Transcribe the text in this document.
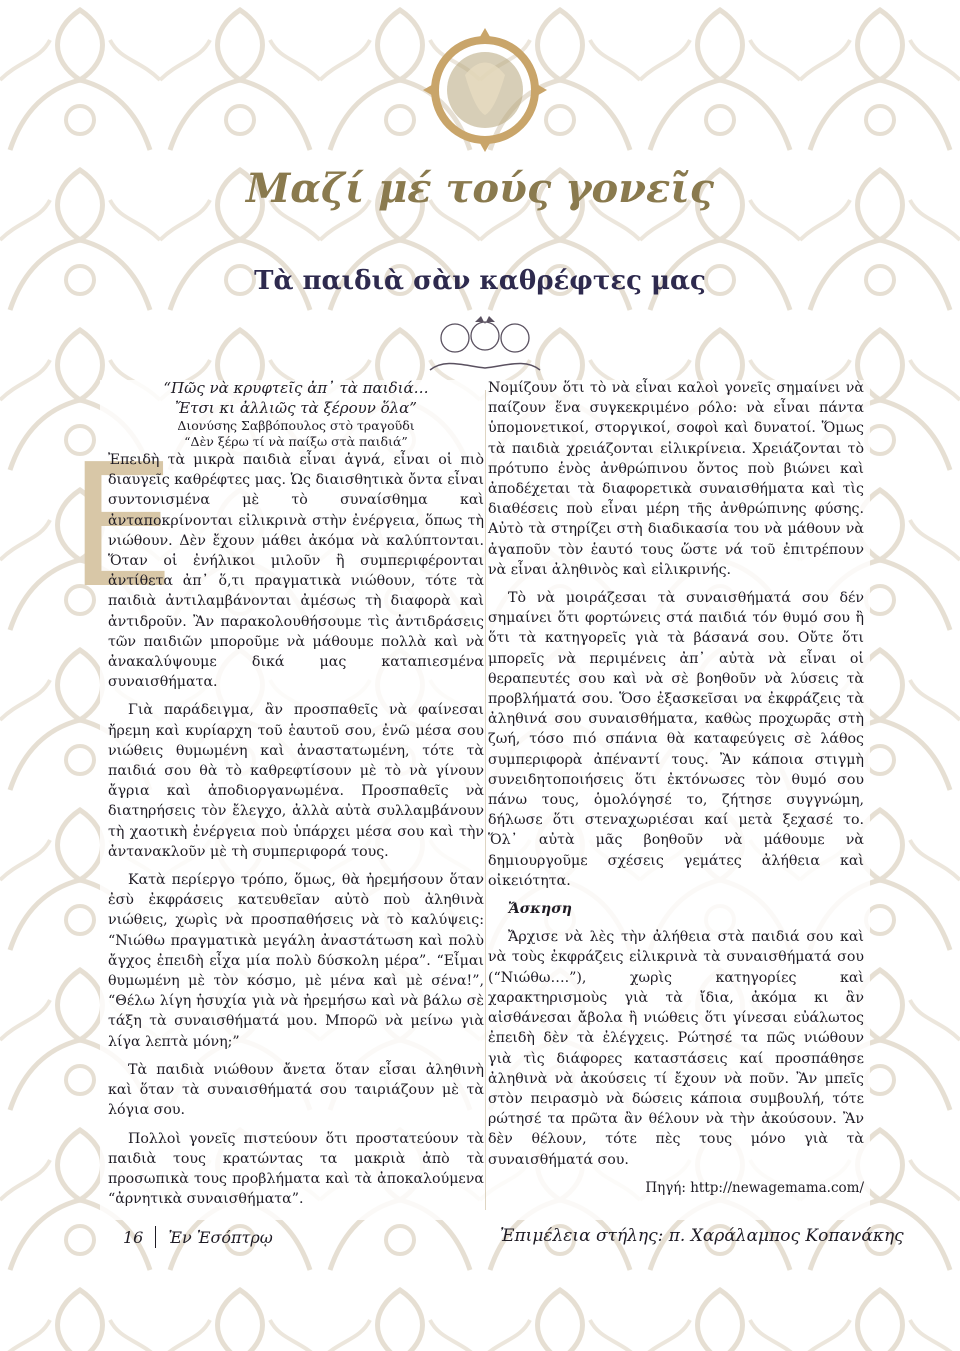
Μαζί μέ τούς γονεῖς
Τὰ παιδιὰ σὰν καθρέφτες μας
“Πῶς νὰ κρυφτεῖς ἀπ᾽ τὰ παιδιά…
Ἔτσι κι ἀλλιῶς τὰ ξέρουν ὅλα”
Διονύσης Σαββόπουλος στὸ τραγοῦδι
“Δὲν ξέρω τί νὰ παίξω στὰ παιδιά”
Ε

Ἐπειδὴ τὰ μικρὰ παιδιὰ εἶναι ἁγνά, εἶναι οἱ πιὸ διαυγεῖς καθρέφτες μας. Ὡς διαισθητικὰ ὄντα εἶναι συντονισμένα μὲ τὸ συναίσθημα καὶ ἀνταποκρίνονται εἰλικρινὰ στὴν ἐνέργεια, ὅπως τὴ νιώθουν. Δὲν ἔχουν μάθει ἀκόμα νὰ καλύπτονται. Ὅταν οἱ ἐνήλικοι μιλοῦν ἢ συμπεριφέρονται ἀντίθετα ἀπ᾽ ὅ,τι πραγματικὰ νιώθουν, τότε τὰ παιδιὰ ἀντιλαμβάνονται ἀμέσως τὴ διαφορὰ καὶ ἀντιδροῦν. Ἂν παρακολουθήσουμε τὶς ἀντιδράσεις τῶν παιδιῶν μποροῦμε νὰ μάθουμε πολλὰ καὶ νὰ ἀνακαλύψουμε δικά μας καταπιεσμένα συναισθήματα.

Γιὰ παράδειγμα, ἂν προσπαθεῖς νὰ φαίνεσαι ἤρεμη καὶ κυρίαρχη τοῦ ἑαυτοῦ σου, ἐνῶ μέσα σου νιώθεις θυμωμένη καὶ ἀναστατωμένη, τότε τὰ παιδιά σου θὰ τὸ καθρεφτίσουν μὲ τὸ νὰ γίνουν ἄγρια καὶ ἀποδιοργανωμένα. Προσπαθεῖς νὰ διατηρήσεις τὸν ἔλεγχο, ἀλλὰ αὐτὰ συλλαμβάνουν τὴ χαοτικὴ ἐνέργεια ποὺ ὑπάρχει μέσα σου καὶ τὴν ἀντανακλοῦν μὲ τὴ συμπεριφορά τους.

Κατὰ περίεργο τρόπο, ὅμως, θὰ ἠρεμήσουν ὅταν ἐσὺ ἐκφράσεις κατευθεῖαν αὐτὸ ποὺ ἀληθινὰ νιώθεις, χωρὶς νὰ προσπαθήσεις νὰ τὸ καλύψεις: “Νιώθω πραγματικὰ μεγάλη ἀναστάτωση καὶ πολὺ ἄγχος ἐπειδὴ εἶχα μία πολὺ δύσκολη μέρα”. “Εἶμαι θυμωμένη μὲ τὸν κόσμο, μὲ μένα καὶ μὲ σένα!”, “Θέλω λίγη ἡσυχία γιὰ νὰ ἠρεμήσω καὶ νὰ βάλω σὲ τάξη τὰ συναισθήματά μου. Μπορῶ νὰ μείνω γιὰ λίγα λεπτὰ μόνη;”

Τὰ παιδιὰ νιώθουν ἄνετα ὅταν εἶσαι ἀληθινὴ καὶ ὅταν τὰ συναισθήματά σου ταιριάζουν μὲ τὰ λόγια σου.

Πολλοὶ γονεῖς πιστεύουν ὅτι προστατεύουν τὰ παιδιὰ τους κρατώντας τα μακριὰ ἀπὸ τὰ προσωπικὰ τους προβλήματα καὶ τὰ ἀποκαλούμενα “ἀρνητικὰ συναισθήματα”.

Νομίζουν ὅτι τὸ νὰ εἶναι καλοὶ γονεῖς σημαίνει νὰ παίζουν ἕνα συγκεκριμένο ρόλο: νὰ εἶναι πάντα ὑπομονετικοί, στοργικοί, σοφοὶ καὶ δυνατοί. Ὅμως τὰ παιδιὰ χρειάζονται εἰλικρίνεια. Χρειάζονται τὸ πρότυπο ἑνὸς ἀνθρώπινου ὄντος ποὺ βιώνει καὶ ἀποδέχεται τὰ διαφορετικὰ συναισθήματα καὶ τὶς διαθέσεις ποὺ εἶναι μέρη τῆς ἀνθρώπινης φύσης. Αὐτὸ τὰ στηρίζει στὴ διαδικασία του νὰ μάθουν νὰ ἀγαποῦν τὸν ἑαυτό τους ὥστε νά τοῦ ἐπιτρέπουν νὰ εἶναι ἀληθινὸς καὶ εἰλικρινής.

Τὸ νὰ μοιράζεσαι τὰ συναισθήματά σου δέν σημαίνει ὅτι φορτώνεις στά παιδιά τόν θυμό σου ἢ ὅτι τὰ κατηγορεῖς γιὰ τὰ βάσανά σου. Οὔτε ὅτι μπορεῖς νὰ περιμένεις ἀπ᾽ αὐτὰ νὰ εἶναι οἱ θεραπευτές σου καὶ νὰ σὲ βοηθοῦν νὰ λύσεις τὰ προβλήματά σου. Ὅσο ἐξασκεῖσαι να ἐκφράζεις τὰ ἀληθινά σου συναισθήματα, καθὼς προχωρᾶς στὴ ζωή, τόσο πιό σπάνια θὰ καταφεύγεις σὲ λάθος συμπεριφορὰ ἀπέναντί τους. Ἂν κάποια στιγμὴ συνειδητοποιήσεις ὅτι ἐκτόνωσες τὸν θυμό σου πάνω τους, ὁμολόγησέ το, ζήτησε συγγνώμη, δήλωσε ὅτι στεναχωριέσαι καί μετὰ ξεχασέ το. Ὅλ᾽ αὐτὰ μᾶς βοηθοῦν νὰ μάθουμε νὰ δημιουργοῦμε σχέσεις γεμάτες ἀλήθεια καὶ οἰκειότητα.

Ἄσκηση

Ἄρχισε νὰ λὲς τὴν ἀλήθεια στὰ παιδιά σου καὶ νὰ τοὺς ἐκφράζεις εἰλικρινὰ τὰ συναισθήματά σου (“Νιώθω….”), χωρὶς κατηγορίες καὶ χαρακτηρισμοὺς γιὰ τὰ ἴδια, ἀκόμα κι ἂν αἰσθάνεσαι ἄβολα ἢ νιώθεις ὅτι γίνεσαι εὐάλωτος ἐπειδὴ δὲν τὰ ἐλέγχεις. Ρώτησέ τα πῶς νιώθουν γιὰ τὶς διάφορες καταστάσεις καί προσπάθησε ἀληθινὰ νὰ ἀκούσεις τί ἔχουν νὰ ποῦν. Ἂν μπεῖς στὸν πειρασμὸ νὰ δώσεις κάποια συμβουλή, τότε ρώτησέ τα πρῶτα ἂν θέλουν νὰ τὴν ἀκούσουν. Ἂν δὲν θέλουν, τότε πὲς τους μόνο γιὰ τὰ συναισθήματά σου.

Πηγή: http://newagemama.com/

16 Ἐν Ἐσόπτρῳ	Ἐπιμέλεια στήλης: π. Χαράλαμπος Κοπανάκης
